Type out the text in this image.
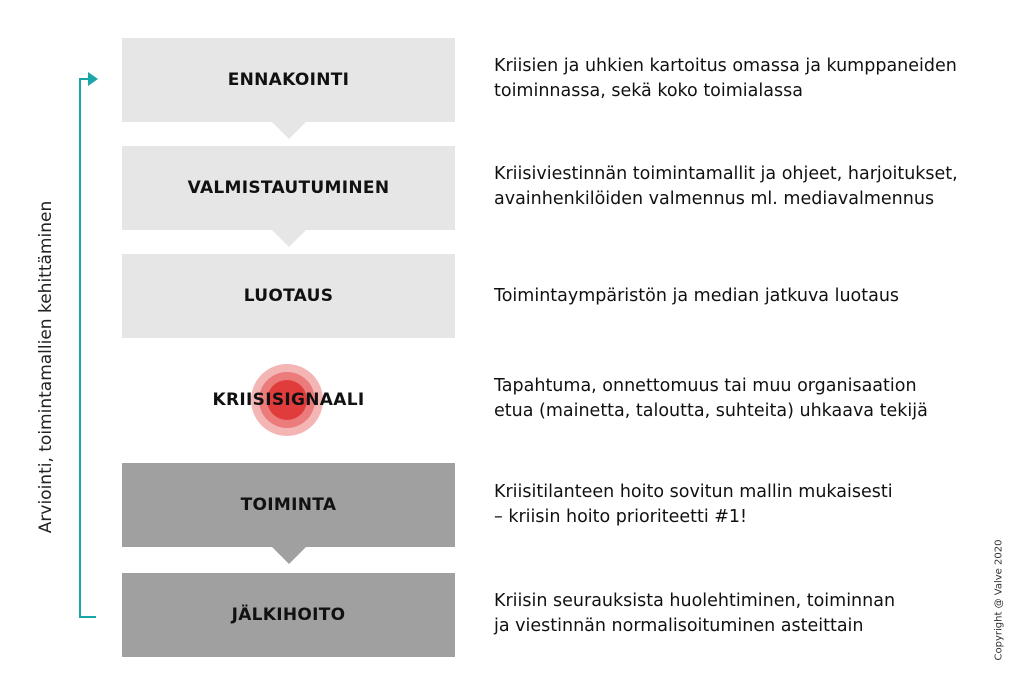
Arviointi, toimintamallien kehittäminen
ENNAKOINTI
Kriisien ja uhkien kartoitus omassa ja kumppaneiden
toiminnassa, sekä koko toimialassa
VALMISTAUTUMINEN
Kriisiviestinnän toimintamallit ja ohjeet, harjoitukset,
avainhenkilöiden valmennus ml. mediavalmennus
LUOTAUS	Toimintaympäristön ja median jatkuva luotaus
KRIISISIGNAALI
Tapahtuma, onnettomuus tai muu organisaation
etua (mainetta, taloutta, suhteita) uhkaava tekijä
TOIMINTA
Kriisitilanteen hoito sovitun mallin mukaisesti
– kriisin hoito prioriteetti #1!
JÄLKIHOITO
Kriisin seurauksista huolehtiminen, toiminnan
ja viestinnän normalisoituminen asteittain	Copyright @ Valve 2020
